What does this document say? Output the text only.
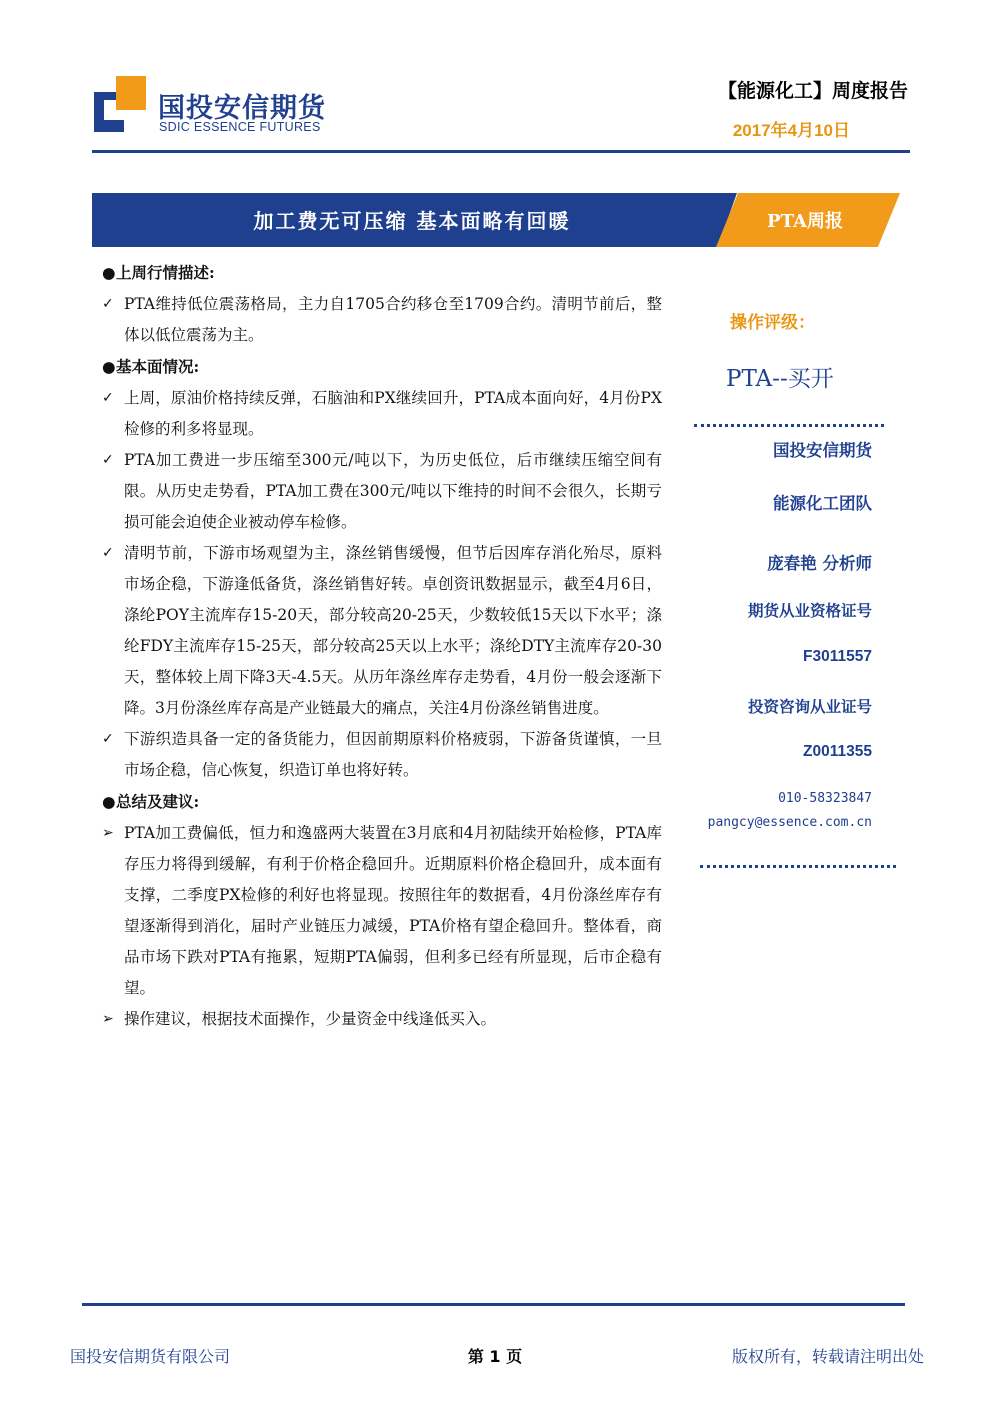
国投安信期货
SDIC ESSENCE FUTURES
【能源化工】周度报告
2017年4月10日
加工费无可压缩 基本面略有回暖	PTA周报
●上周行情描述:
✓ PTA维持低位震荡格局，主力自1705合约移仓至1709合约。清明节前后，整体以低位震荡为主。
●基本面情况:
✓ 上周，原油价格持续反弹，石脑油和PX继续回升，PTA成本面向好，4月份PX检修的利多将显现。
✓ PTA加工费进一步压缩至300元/吨以下，为历史低位，后市继续压缩空间有限。从历史走势看，PTA加工费在300元/吨以下维持的时间不会很久，长期亏损可能会迫使企业被动停车检修。
✓ 清明节前，下游市场观望为主，涤丝销售缓慢，但节后因库存消化殆尽，原料市场企稳，下游逢低备货，涤丝销售好转。卓创资讯数据显示，截至4月6日，涤纶POY主流库存15-20天，部分较高20-25天，少数较低15天以下水平；涤纶FDY主流库存15-25天，部分较高25天以上水平；涤纶DTY主流库存20-30天，整体较上周下降3天-4.5天。从历年涤丝库存走势看，4月份一般会逐渐下降。3月份涤丝库存高是产业链最大的痛点，关注4月份涤丝销售进度。
✓ 下游织造具备一定的备货能力，但因前期原料价格疲弱，下游备货谨慎，一旦市场企稳，信心恢复，织造订单也将好转。
●总结及建议:
➢ PTA加工费偏低，恒力和逸盛两大装置在3月底和4月初陆续开始检修，PTA库存压力将得到缓解，有利于价格企稳回升。近期原料价格企稳回升，成本面有支撑，二季度PX检修的利好也将显现。按照往年的数据看，4月份涤丝库存有望逐渐得到消化，届时产业链压力减缓，PTA价格有望企稳回升。整体看，商品市场下跌对PTA有拖累，短期PTA偏弱，但利多已经有所显现，后市企稳有望。
➢ 操作建议，根据技术面操作，少量资金中线逢低买入。
操作评级：
PTA--买开
国投安信期货
能源化工团队
庞春艳 分析师
期货从业资格证号
F3011557
投资咨询从业证号
Z0011355
010-58323847
pangcy@essence.com.cn
国投安信期货有限公司	第 1 页	版权所有，转载请注明出处
